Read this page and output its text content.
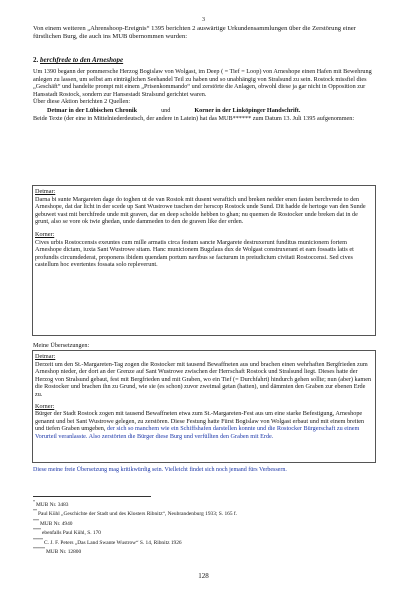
3
Von einem weiteren „Ahrenshoop-Ereignis“ 1395 berichten 2 auswärtige Urkundensammlungen über die Zerstörung einer fürstlichen Burg, die auch ins MUB übernommen wurden:
2. berchfrede to den Arneshope

Um 1390 begann der pommersche Herzog Bogislaw von Wolgast, im Deep ( = Tief = Loop) von Arneshope einen Hafen mit Bewehrung anlegen zu lassen, um selbst am einträglichen Seehandel Teil zu haben und so unabhängig von Stralsund zu sein. Rostock missfiel dies „Geschäft“ und handelte prompt mit einem „Prisenkommando“ und zerstörte die Anlagen, obwohl diese ja gar nicht in Opposition zur Hansstadt Rostock, sondern zur Hansestadt Stralsund gerichtet waren.

Über diese Aktion berichten 2 Quellen:

Detmar in der Lübischen Chronik	und	Korner in der Linköpinger Handschrift.

Beide Texte (der eine in Mittelniederdeutsch, der andere in Latein) hat das MUB****** zum Datum 13. Juli 1395 aufgenommen:

Detmar :
Darna bi sunte Margareten dage do toghen ut de van Rostok mit dusent weraftich und breken nedder enen fasten berchvrede to den Arneshope, dat dar licht in der scede up Sant Wustrowe tuschen der herscop Rostock unde Sund. Dit hadde de hertoge van den Sunde gebuwet vast mit berchfrede unde mit graven, dar en deep scholde hebben to ghan; nu quemen de Rostocker unde breken dat in de grunt, also se vore ok twie ghedan, unde dammeden to den de graven like der erden.
Korner :
Cives urbis Rostoccensis exeuntes cum mille armatis circa festum sancte Margarete destruxerunt funditus municionem fortem Arneshope dictam, iuxta Sant Wustrowe sitam. Hanc municionem Bugzlaus dux de Wolgast construxerant et eam fossatis latis et profundis circumdederat, proponens ibidem quendam portum navibus se facturum in preiudicium civitati Rostoccensi. Sed cives castellum hoc evertentes fossata solo repleverunt.
Meine Übersetzungen:
Detmar :
Derzeit um den St.-Margareten-Tag zogen die Rostocker mit tausend Bewaffneten aus und brachen einen wehrhaften Bergfrieden zum Arneshop nieder, der dort an der Grenze auf Sant Wustrowe zwischen der Herrschaft Rostock und Stralsund liegt. Dieses hatte der Herzog von Stralsund gebaut, fest mit Bergfrieden und mit Graben, wo ein Tief (= Durchfahrt) hindurch gehen sollte; nun (aber) kamen die Rostocker und brachen ihn zu Grund, wie sie (es schon) zuvor zweimal getan (hatten), und dämmten den Graben zur ebenen Erde zu.
Korner :
Bürger der Stadt Rostock zogen mit tausend Bewaffneten etwa zum St.-Margareten-Fest aus um eine starke Befestigung, Arneshope genannt und bei Sant Wustrowe gelegen, zu zerstören. Diese Festung hatte Fürst Bogislaw von Wolgast erbaut und mit einem breiten und tiefen Graben umgeben, der sich so manchem wie ein Schiffshafen darstellen konnte und die Rostocker Bürgerschaft zu einem Vorurteil veranlasste. Also zerstörten die Bürger diese Burg und verfüllten den Graben mit Erde.
Diese meine freie Übersetzung mag kritikwürdig sein. Vielleicht findet sich noch jemand fürs Verbessern.
*MUB Nr. 3483
**Paul Kühl „Geschichte der Stadt und des Klosters Ribnitz“, Neubrandenburg 1933; S. 165 f.
***MUB Nr. 4940
****ebenfalls Paul Kühl, S. 170
*****C. J. F. Peters „Das Land Swante Wustrow“ S. 14, Ribnitz 1926
******MUB Nr. 12800
128
